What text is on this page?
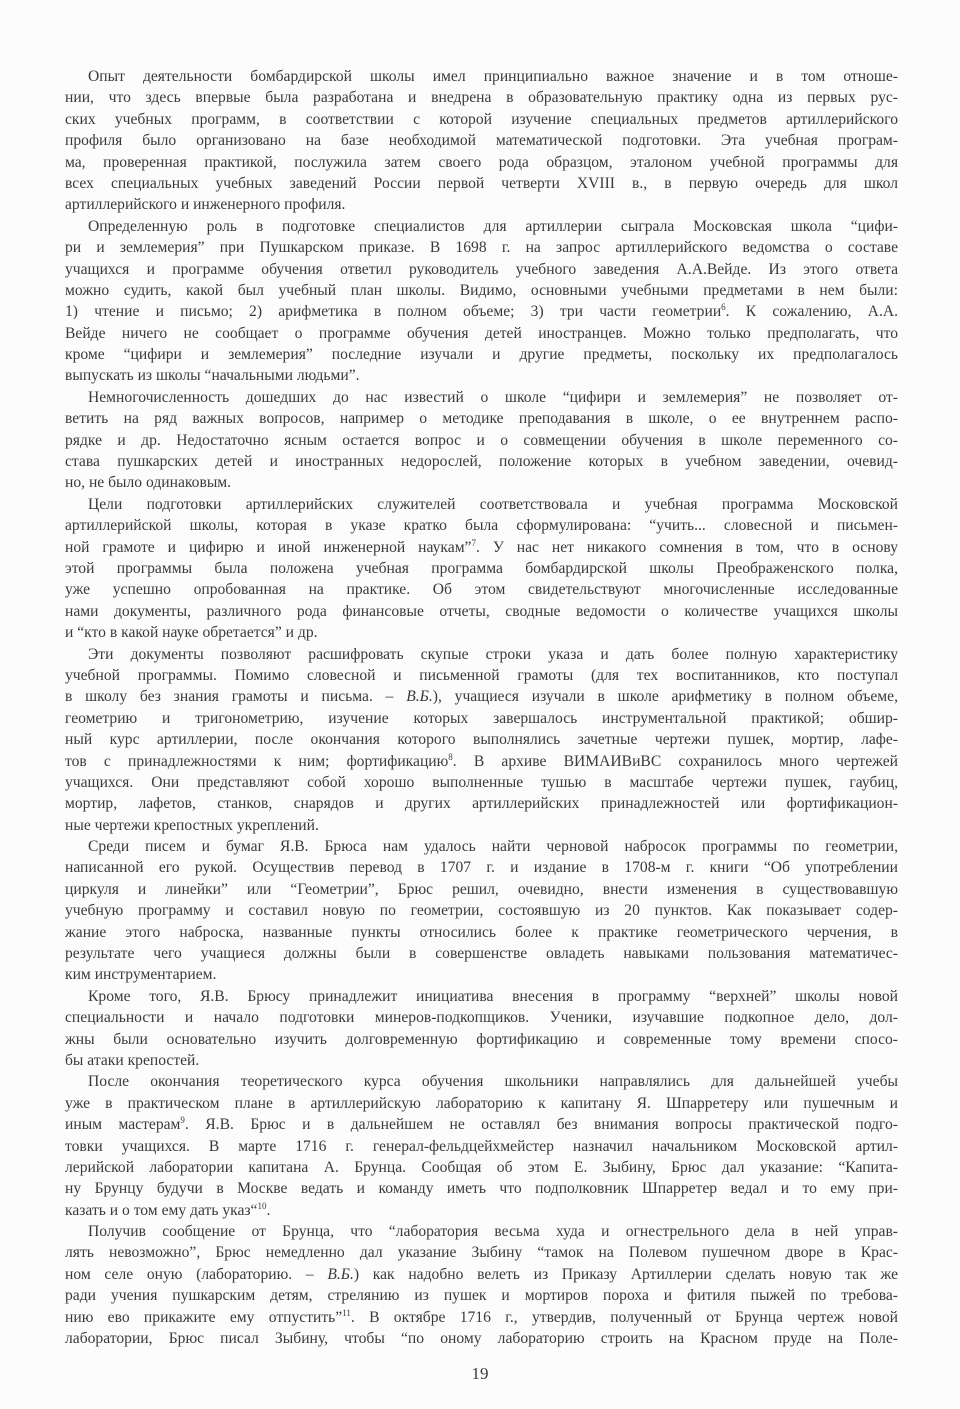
Опыт деятельности бомбардирской школы имел принципиально важное значение и в том отноше-
нии, что здесь впервые была разработана и внедрена в образовательную практику одна из первых рус-
ских учебных программ, в соответствии с которой изучение специальных предметов артиллерийского
профиля было организовано на базе необходимой математической подготовки. Эта учебная програм-
ма, проверенная практикой, послужила затем своего рода образцом, эталоном учебной программы для
всех специальных учебных заведений России первой четверти XVIII в., в первую очередь для школ
артиллерийского и инженерного профиля.
Определенную роль в подготовке специалистов для артиллерии сыграла Московская школа “цифи-
ри и землемерия” при Пушкарском приказе. В 1698 г. на запрос артиллерийского ведомства о составе
учащихся и программе обучения ответил руководитель учебного заведения А.А.Вейде. Из этого ответа
можно судить, какой был учебный план школы. Видимо, основными учебными предметами в нем были:
1) чтение и письмо; 2) арифметика в полном объеме; 3) три части геометрии$^6$. К сожалению, А.А.
Вейде ничего не сообщает о программе обучения детей иностранцев. Можно только предполагать, что
кроме “цифири и землемерия” последние изучали и другие предметы, поскольку их предполагалось
выпускать из школы “начальными людьми”.
Немногочисленность дошедших до нас известий о школе “цифири и землемерия” не позволяет от-
ветить на ряд важных вопросов, например о методике преподавания в школе, о ее внутреннем распо-
рядке и др. Недостаточно ясным остается вопрос и о совмещении обучения в школе переменного со-
става пушкарских детей и иностранных недорослей, положение которых в учебном заведении, очевид-
но, не было одинаковым.
Цели подготовки артиллерийских служителей соответствовала и учебная программа Московской
артиллерийской школы, которая в указе кратко была сформулирована: “учить... словесной и письмен-
ной грамоте и цифирю и иной инженерной наукам”$^7$. У нас нет никакого сомнения в том, что в основу
этой программы была положена учебная программа бомбардирской школы Преображенского полка,
уже успешно опробованная на практике. Об этом свидетельствуют многочисленные исследованные
нами документы, различного рода финансовые отчеты, сводные ведомости о количестве учащихся школы
и “кто в какой науке обретается” и др.
Эти документы позволяют расшифровать скупые строки указа и дать более полную характеристику
учебной программы. Помимо словесной и письменной грамоты (для тех воспитанников, кто поступал
в школу без знания грамоты и письма. – В.Б.), учащиеся изучали в школе арифметику в полном объеме,
геометрию и тригонометрию, изучение которых завершалось инструментальной практикой; обшир-
ный курс артиллерии, после окончания которого выполнялись зачетные чертежи пушек, мортир, лафе-
тов с принадлежностями к ним; фортификацию$^8$. В архиве ВИМАИВиВС сохранилось много чертежей
учащихся. Они представляют собой хорошо выполненные тушью в масштабе чертежи пушек, гаубиц,
мортир, лафетов, станков, снарядов и других артиллерийских принадлежностей или фортификацион-
ные чертежи крепостных укреплений.
Среди писем и бумаг Я.В. Брюса нам удалось найти черновой набросок программы по геометрии,
написанной его рукой. Осуществив перевод в 1707 г. и издание в 1708-м г. книги “Об употреблении
циркуля и линейки” или “Геометрии”, Брюс решил, очевидно, внести изменения в существовавшую
учебную программу и составил новую по геометрии, состоявшую из 20 пунктов. Как показывает содер-
жание этого наброска, названные пункты относились более к практике геометрического черчения, в
результате чего учащиеся должны были в совершенстве овладеть навыками пользования математичес-
ким инструментарием.
Кроме того, Я.В. Брюсу принадлежит инициатива внесения в программу “верхней” школы новой
специальности и начало подготовки минеров-подкопщиков. Ученики, изучавшие подкопное дело, дол-
жны были основательно изучить долговременную фортификацию и современные тому времени спосо-
бы атаки крепостей.
После окончания теоретического курса обучения школьники направлялись для дальнейшей учебы
уже в практическом плане в артиллерийскую лабораторию к капитану Я. Шпарретеру или пушечным и
иным мастерам$^9$. Я.В. Брюс и в дальнейшем не оставлял без внимания вопросы практической подго-
товки учащихся. В марте 1716 г. генерал-фельдцейхмейстер назначил начальником Московской артил-
лерийской лаборатории капитана А. Брунца. Сообщая об этом Е. Зыбину, Брюс дал указание: “Капита-
ну Брунцу будучи в Москве ведать и команду иметь что подполковник Шпарретер ведал и то ему при-
казать и о том ему дать указ“$^{10}$.
Получив сообщение от Брунца, что “лаборатория весьма худа и огнестрельного дела в ней управ-
лять невозможно”, Брюс немедленно дал указание Зыбину “тамок на Полевом пушечном дворе в Крас-
ном селе оную (лабораторию. – В.Б.) как надобно велеть из Приказу Артиллерии сделать новую так же
ради учения пушкарским детям, стрелянию из пушек и мортиров пороха и фитиля пыжей по требова-
нию ево прикажите ему отпустить”$^{11}$. В октябре 1716 г., утвердив, полученный от Брунца чертеж новой
лаборатории, Брюс писал Зыбину, чтобы “по оному лабораторию строить на Красном пруде на Поле-
19
